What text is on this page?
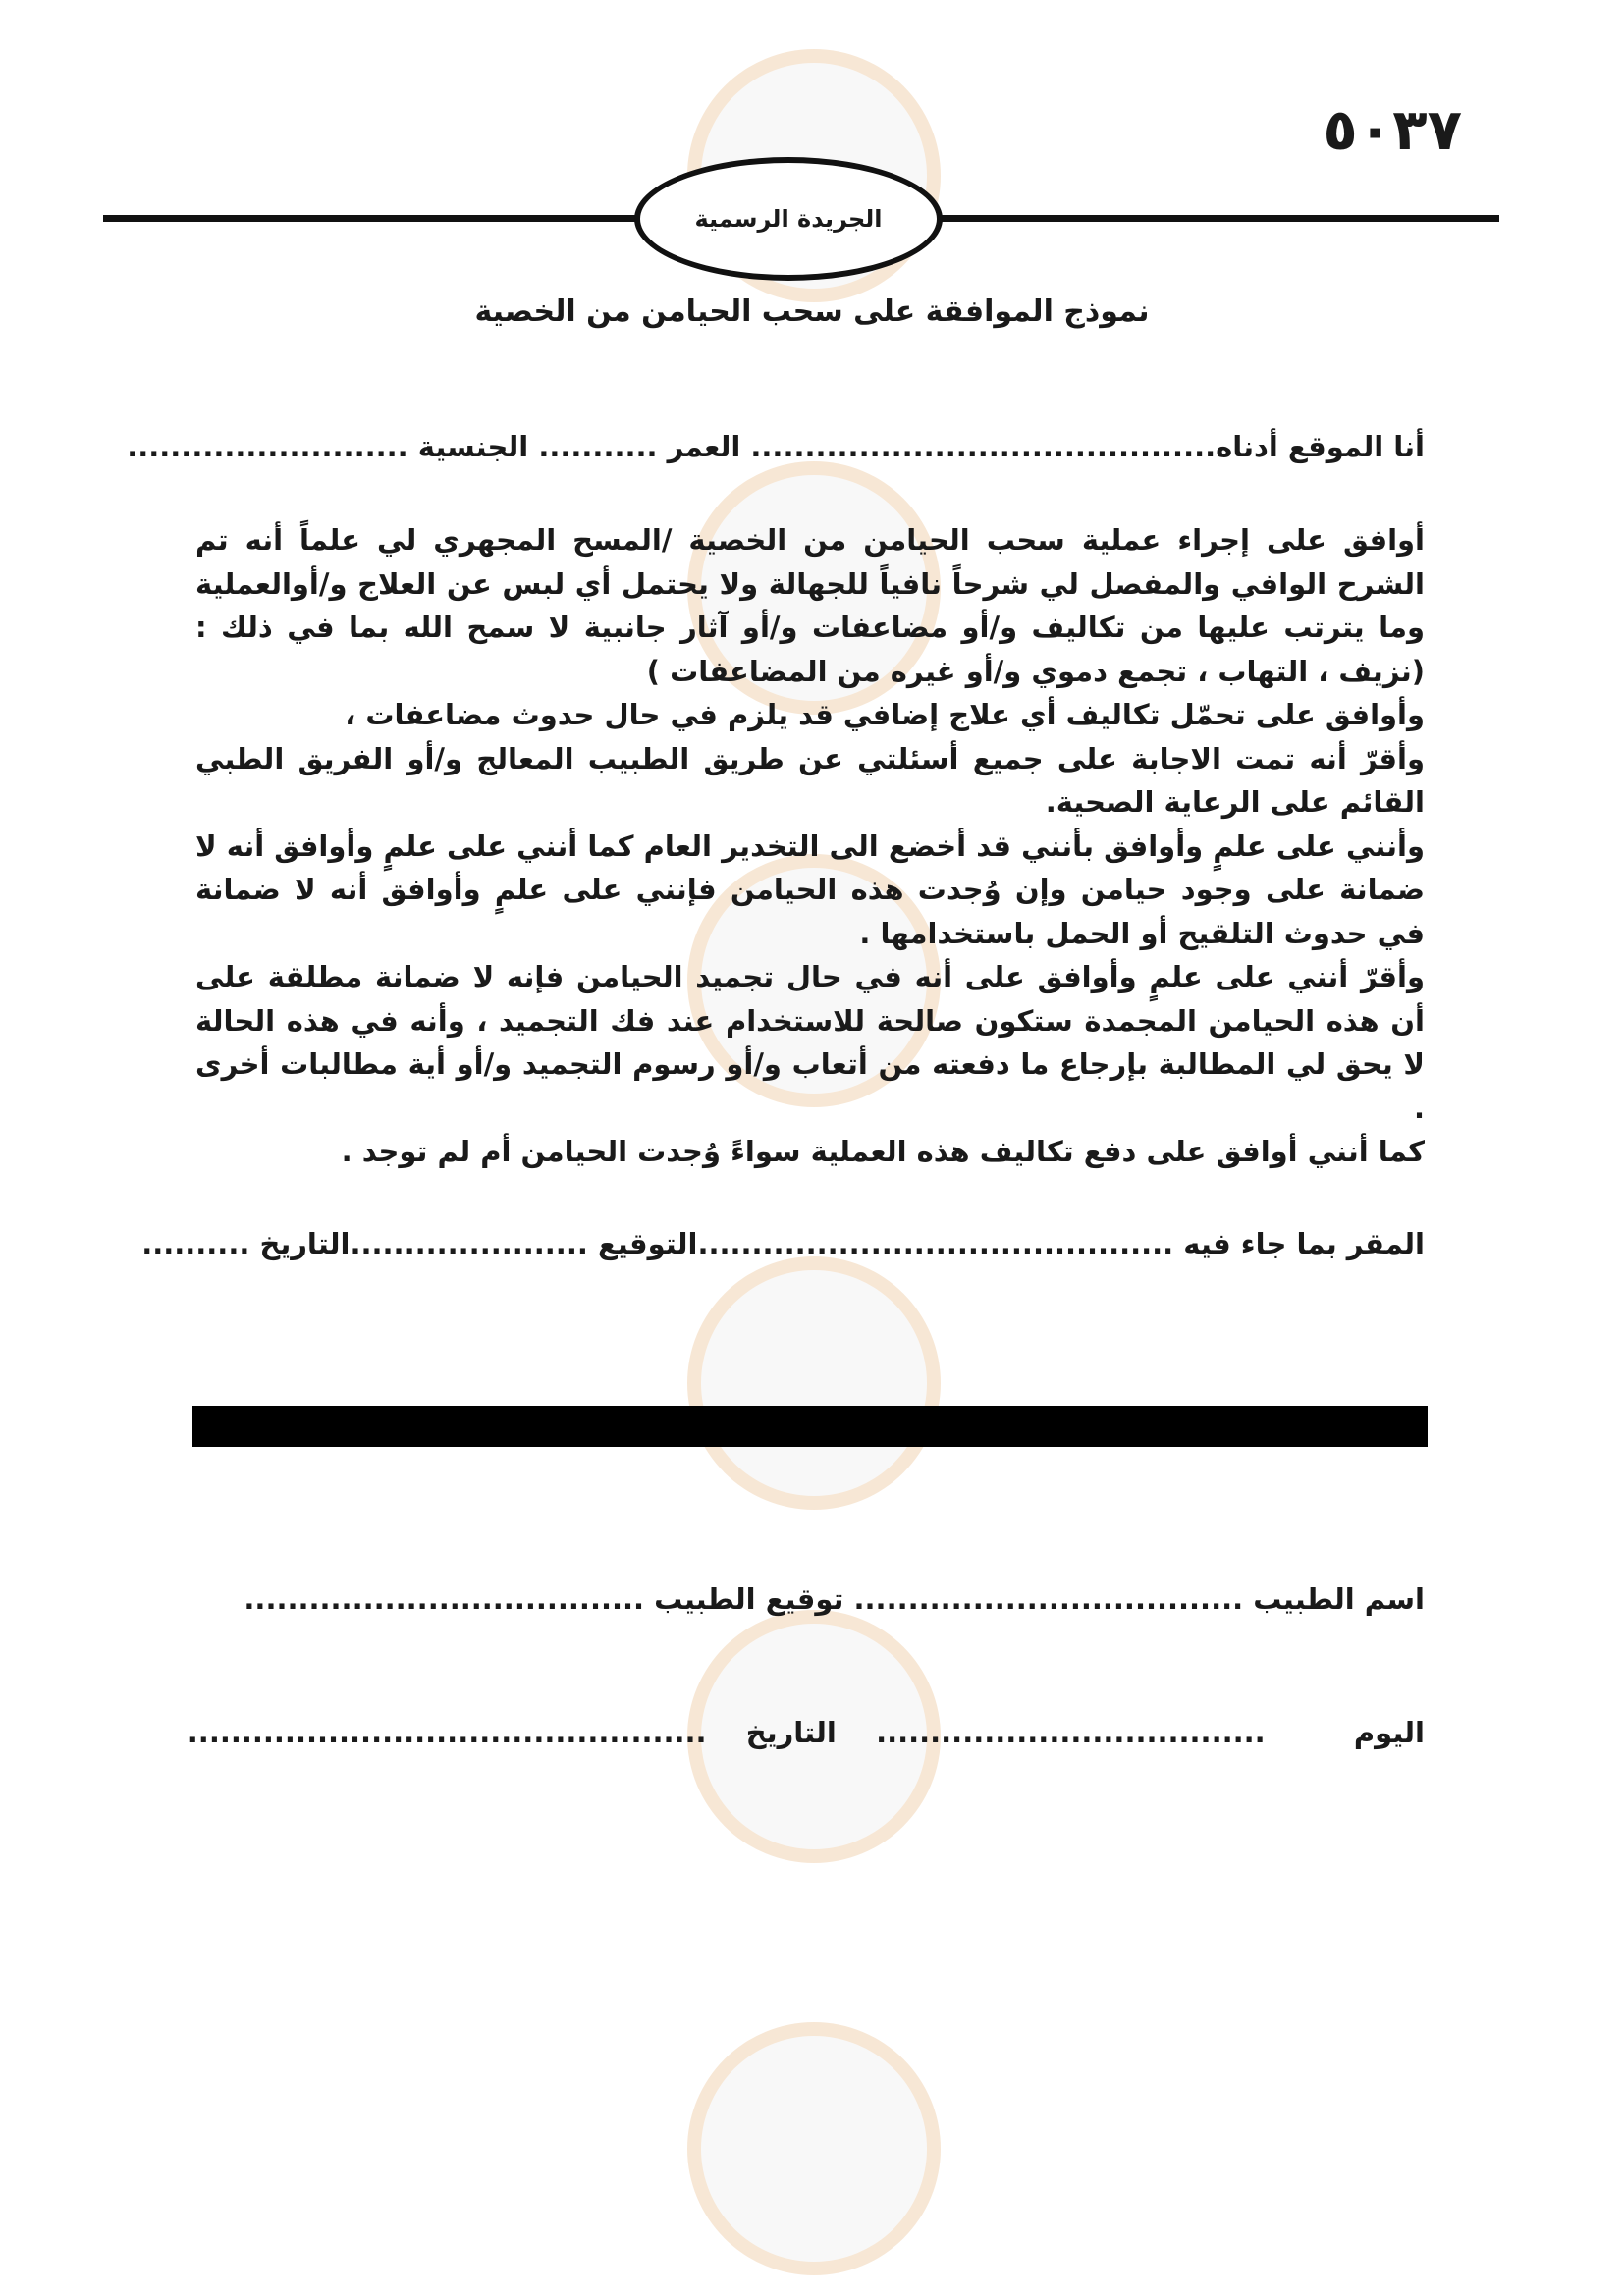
٥٠٣٧
الجريدة الرسمية
نموذج الموافقة على سحب الحيامن من الخصية
أنا الموقع أدناه........................................... العمر ........... الجنسية ..........................

أوافق على إجراء عملية سحب الحيامن من الخصية /المسح المجهري لي علماً أنه تم الشرح الوافي والمفصل لي شرحاً نافياً للجهالة ولا يحتمل أي لبس عن العلاج و/أوالعملية وما يترتب عليها من تكاليف و/أو مضاعفات و/أو آثار جانبية لا سمح الله بما في ذلك : (نزيف ، التهاب ، تجمع دموي و/أو غيره من المضاعفات )

وأوافق على تحمّل تكاليف أي علاج إضافي قد يلزم في حال حدوث مضاعفات ،

وأقرّ أنه تمت الاجابة على جميع أسئلتي عن طريق الطبيب المعالج و/أو الفريق الطبي القائم على الرعاية الصحية.

وأنني على علمٍ وأوافق بأنني قد أخضع الى التخدير العام كما أنني على علمٍ وأوافق أنه لا ضمانة على وجود حيامن وإن وُجدت هذه الحيامن فإنني على علمٍ وأوافق أنه لا ضمانة في حدوث التلقيح أو الحمل باستخدامها .

وأقرّ أنني على علمٍ وأوافق على أنه في حال تجميد الحيامن فإنه لا ضمانة مطلقة على أن هذه الحيامن المجمدة ستكون صالحة للاستخدام عند فك التجميد ، وأنه في هذه الحالة لا يحق لي المطالبة بإرجاع ما دفعته من أتعاب و/أو رسوم التجميد و/أو أية مطالبات أخرى .

كما أنني أوافق على دفع تكاليف هذه العملية سواءً وُجدت الحيامن أم لم توجد .

المقر بما جاء فيه ............................................التوقيع ......................التاريخ ..........
اسم الطبيب .................................... توقيع الطبيب .....................................
اليوم  ....................................  التاريخ  ................................................
